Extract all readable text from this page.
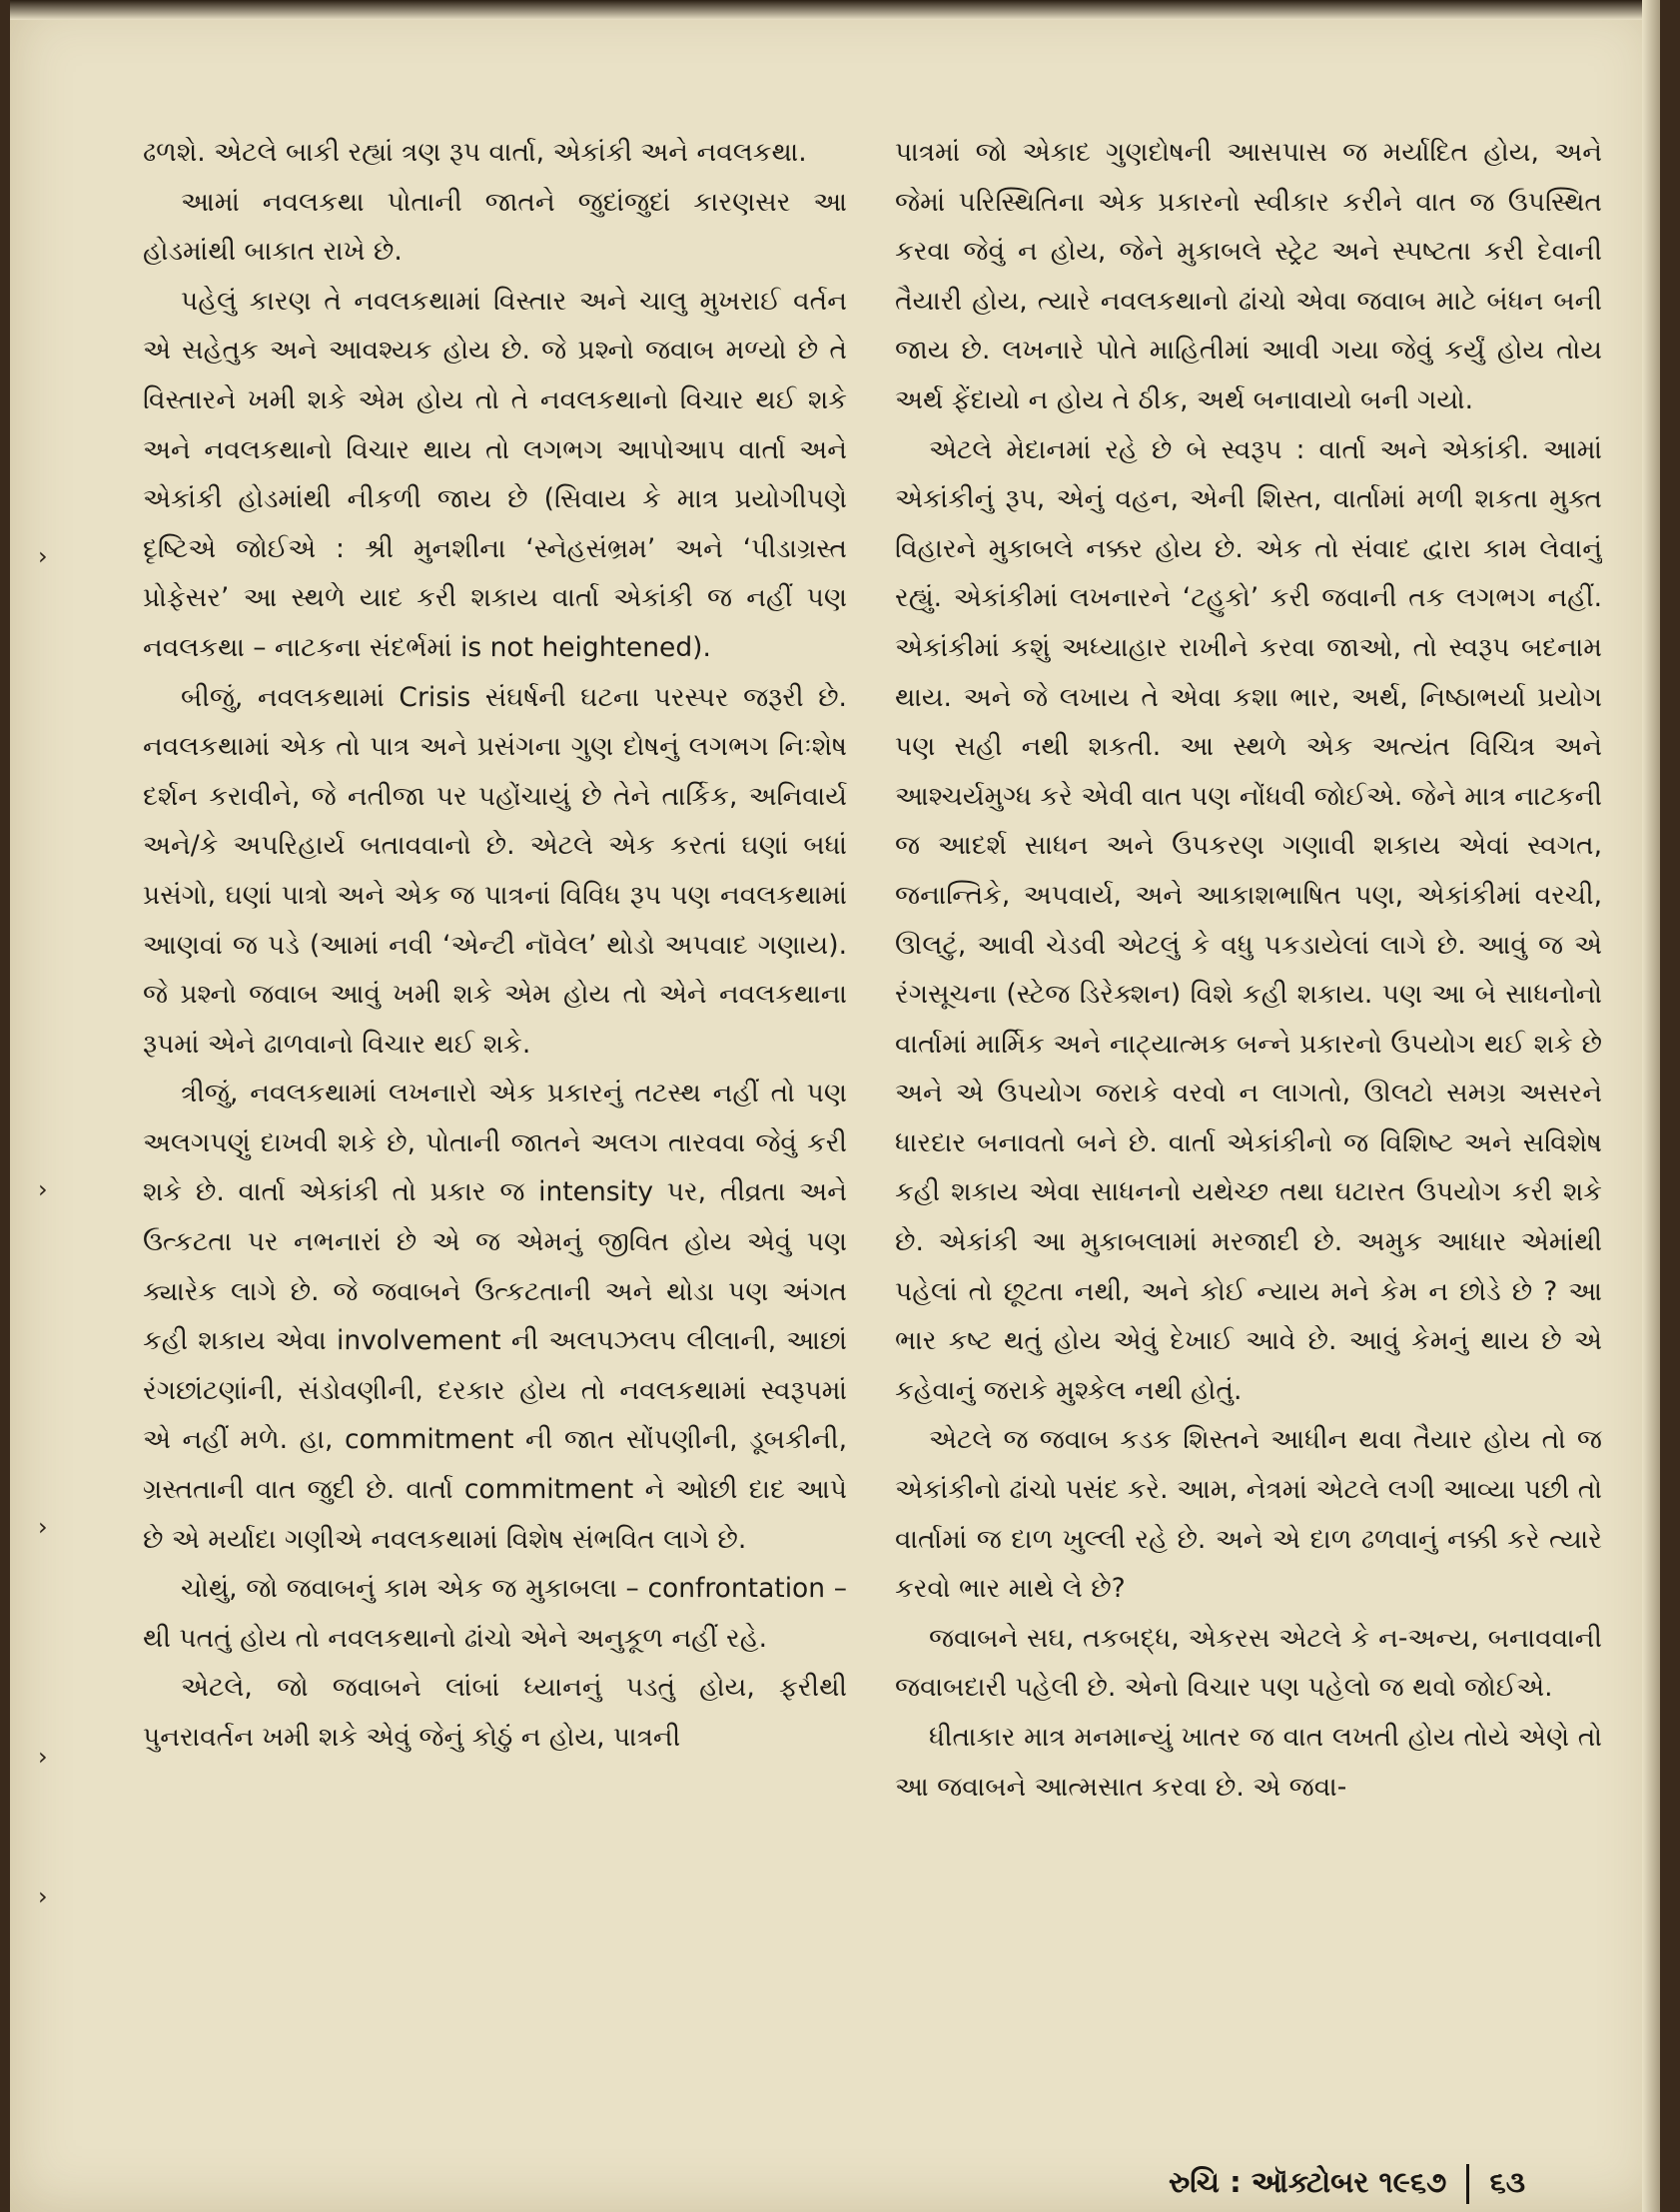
›
›
›
›
›

ઢળશે. એટલે બાકી રહ્યાં ત્રણ રૂપ વાર્તા, એકાંકી અને નવલકથા.

આમાં નવલકથા પોતાની જાતને જુદાંજુદાં કારણસર આ હોડમાંથી બાકાત રાખે છે.

પહેલું કારણ તે નવલકથામાં વિસ્તાર અને ચાલુ મુખરાઈ વર્તન એ સહેતુક અને આવશ્યક હોય છે. જે પ્રશ્નો જવાબ મળ્યો છે તે વિસ્તારને ખમી શકે એમ હોય તો તે નવલકથાનો વિચાર થઈ શકે અને નવલકથાનો વિચાર થાય તો લગભગ આપોઆપ વાર્તા અને એકાંકી હોડમાંથી નીકળી જાય છે (સિવાય કે માત્ર પ્રયોગીપણે દૃષ્ટિએ જોઈએ : શ્રી મુનશીના ‘સ્નેહસંભ્રમ’ અને ‘પીડાગ્રસ્ત પ્રોફેસર’ આ સ્થળે યાદ કરી શકાય વાર્તા એકાંકી જ નહીં પણ નવલકથા – નાટકના સંદર્ભમાં is not heightened).

બીજું, નવલકથામાં Crisis સંઘર્ષની ઘટના પરસ્પર જરૂરી છે. નવલકથામાં એક તો પાત્ર અને પ્રસંગના ગુણ દોષનું લગભગ નિઃશેષ દર્શન કરાવીને, જે નતીજા પર પહોંચાયું છે તેને તાર્કિક, અનિવાર્ય અને/કે અપરિહાર્ય બતાવવાનો છે. એટલે એક કરતાં ઘણાં બધાં પ્રસંગો, ઘણાં પાત્રો અને એક જ પાત્રનાં વિવિધ રૂપ પણ નવલકથામાં આણવાં જ પડે (આમાં નવી ‘એન્ટી નૉવેલ’ થોડો અપવાદ ગણાય). જે પ્રશ્નો જવાબ આવું ખમી શકે એમ હોય તો એને નવલકથાના રૂપમાં એને ઢાળવાનો વિચાર થઈ શકે.

ત્રીજું, નવલકથામાં લખનારો એક પ્રકારનું તટસ્થ નહીં તો પણ અલગપણું દાખવી શકે છે, પોતાની જાતને અલગ તારવવા જેવું કરી શકે છે. વાર્તા એકાંકી તો પ્રકાર જ intensity પર, તીવ્રતા અને ઉત્કટતા પર નભનારાં છે એ જ એમનું જીવિત હોય એવું પણ ક્યારેક લાગે છે. જે જવાબને ઉત્કટતાની અને થોડા પણ અંગત કહી શકાય એવા involvement ની અલપઝલપ લીલાની, આછાં રંગછાંટણાંની, સંડોવણીની, દરકાર હોય તો નવલકથામાં સ્વરૂપમાં એ નહીં મળે. હા, commitment ની જાત સોંપણીની, ડૂબકીની, ગ્રસ્તતાની વાત જુદી છે. વાર્તા commitment ને ઓછી દાદ આપે છે એ મર્યાદા ગણીએ નવલકથામાં વિશેષ સંભવિત લાગે છે.

ચોથું, જો જવાબનું કામ એક જ મુકાબલા – confrontation – થી પતતું હોય તો નવલકથાનો ઢાંચો એને અનુકૂળ નહીં રહે.

એટલે, જો જવાબને લાંબાં ધ્યાનનું પડતું હોય, ફરીથી પુનરાવર્તન ખમી શકે એવું જેનું કોઠું ન હોય, પાત્રની

પાત્રમાં જો એકાદ ગુણદોષની આસપાસ જ મર્યાદિત હોય, અને જેમાં પરિસ્થિતિના એક પ્રકારનો સ્વીકાર કરીને વાત જ ઉપસ્થિત કરવા જેવું ન હોય, જેને મુકાબલે સ્ટ્રેટ અને સ્પષ્ટતા કરી દેવાની તૈયારી હોય, ત્યારે નવલકથાનો ઢાંચો એવા જવાબ માટે બંધન બની જાય છે. લખનારે પોતે માહિતીમાં આવી ગયા જેવું કર્યું હોય તોય અર્થ ફેંદાયો ન હોય તે ઠીક, અર્થ બનાવાયો બની ગયો.

એટલે મેદાનમાં રહે છે બે સ્વરૂપ : વાર્તા અને એકાંકી. આમાં એકાંકીનું રૂપ, એનું વહન, એની શિસ્ત, વાર્તામાં મળી શકતા મુક્ત વિહારને મુકાબલે નક્કર હોય છે. એક તો સંવાદ દ્વારા કામ લેવાનું રહ્યું. એકાંકીમાં લખનારને ‘ટહુકો’ કરી જવાની તક લગભગ નહીં. એકાંકીમાં કશું અધ્યાહાર રાખીને કરવા જાઓ, તો સ્વરૂપ બદનામ થાય. અને જે લખાય તે એવા કશા ભાર, અર્થ, નિષ્ઠાભર્યા પ્રયોગ પણ સહી નથી શકતી. આ સ્થળે એક અત્યંત વિચિત્ર અને આશ્ચર્યમુગ્ધ કરે એવી વાત પણ નોંધવી જોઈએ. જેને માત્ર નાટકની જ આદર્શ સાધન અને ઉપકરણ ગણાવી શકાય એવાં સ્વગત, જનાન્તિકે, અપવાર્ય, અને આકાશભાષિત પણ, એકાંકીમાં વરચી, ઊલટું, આવી ચેડવી એટલું કે વધુ પકડાયેલાં લાગે છે. આવું જ એ રંગસૂચના (સ્ટેજ ડિરેક્શન) વિશે કહી શકાય. પણ આ બે સાધનોનો વાર્તામાં માર્મિક અને નાટ્યાત્મક બન્ને પ્રકારનો ઉપયોગ થઈ શકે છે અને એ ઉપયોગ જરાકે વરવો ન લાગતો, ઊલટો સમગ્ર અસરને ધારદાર બનાવતો બને છે. વાર્તા એકાંકીનો જ વિશિષ્ટ અને સવિશેષ કહી શકાય એવા સાધનનો યથેચ્છ તથા ઘટારત ઉપયોગ કરી શકે છે. એકાંકી આ મુકાબલામાં મરજાદી છે. અમુક આધાર એમાંથી પહેલાં તો છૂટતા નથી, અને કોઈ ન્યાય મને કેમ ન છોડે છે ? આ ભાર કષ્ટ થતું હોય એવું દેખાઈ આવે છે. આવું કેમનું થાય છે એ કહેવાનું જરાકે મુશ્કેલ નથી હોતું.

એટલે જ જવાબ કડક શિસ્તને આધીન થવા તૈયાર હોય તો જ એકાંકીનો ઢાંચો પસંદ કરે. આમ, નેત્રમાં એટલે લગી આવ્યા પછી તો વાર્તામાં જ દાળ ખુલ્લી રહે છે. અને એ દાળ ઢળવાનું નક્કી કરે ત્યારે કરવો ભાર માથે લે છે?

જવાબને સઘ, તકબદ્ધ, એકરસ એટલે કે ન-અન્ય, બનાવવાની જવાબદારી પહેલી છે. એનો વિચાર પણ પહેલો જ થવો જોઈએ.

ધીતાકાર માત્ર મનમાન્યું ખાતર જ વાત લખતી હોય તોયે એણે તો આ જવાબને આત્મસાત કરવા છે. એ જવા-

રુચિ : ઑક્ટોબર ૧૯૬૭ ૬૩
